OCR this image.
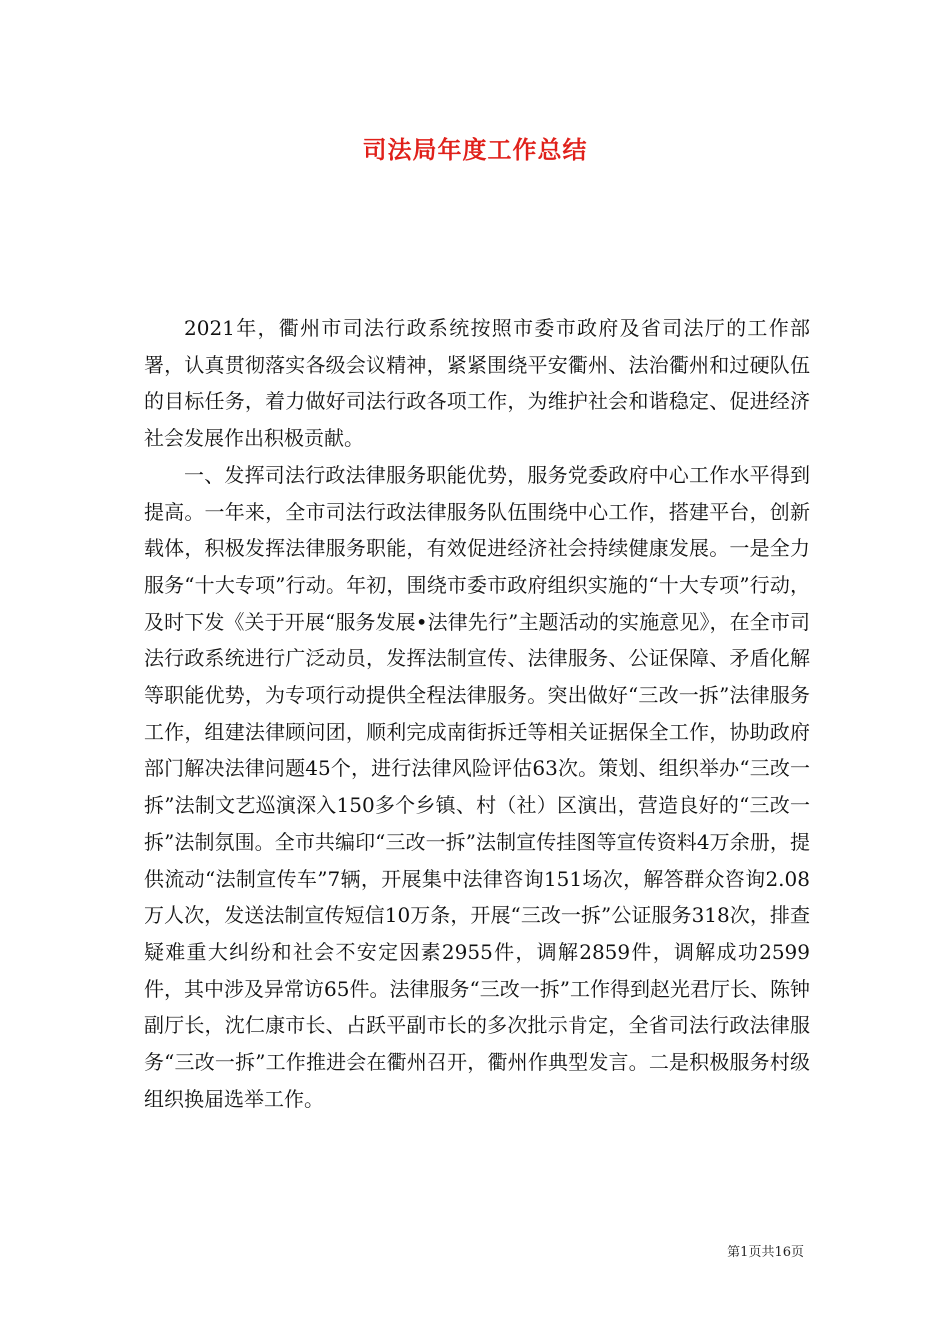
司法局年度工作总结

2021年，衢州市司法行政系统按照市委市政府及省司法厅的工作部署，认真贯彻落实各级会议精神，紧紧围绕平安衢州、法治衢州和过硬队伍的目标任务，着力做好司法行政各项工作，为维护社会和谐稳定、促进经济社会发展作出积极贡献。

一、发挥司法行政法律服务职能优势，服务党委政府中心工作水平得到提高。一年来，全市司法行政法律服务队伍围绕中心工作，搭建平台，创新载体，积极发挥法律服务职能，有效促进经济社会持续健康发展。一是全力服务“十大专项”行动。年初，围绕市委市政府组织实施的“十大专项”行动，及时下发《关于开展“服务发展•法律先行”主题活动的实施意见》，在全市司法行政系统进行广泛动员，发挥法制宣传、法律服务、公证保障、矛盾化解等职能优势，为专项行动提供全程法律服务。突出做好“三改一拆”法律服务工作，组建法律顾问团，顺利完成南街拆迁等相关证据保全工作，协助政府部门解决法律问题45个，进行法律风险评估63次。策划、组织举办“三改一拆”法制文艺巡演深入150多个乡镇、村（社）区演出，营造良好的“三改一拆”法制氛围。全市共编印“三改一拆”法制宣传挂图等宣传资料4万余册，提供流动“法制宣传车”7辆，开展集中法律咨询151场次，解答群众咨询2.08万人次，发送法制宣传短信10万条，开展“三改一拆”公证服务318次，排查疑难重大纠纷和社会不安定因素2955件，调解2859件，调解成功2599件，其中涉及异常访65件。法律服务“三改一拆”工作得到赵光君厅长、陈钟副厅长，沈仁康市长、占跃平副市长的多次批示肯定，全省司法行政法律服务“三改一拆”工作推进会在衢州召开，衢州作典型发言。二是积极服务村级组织换届选举工作。

第1页共16页
